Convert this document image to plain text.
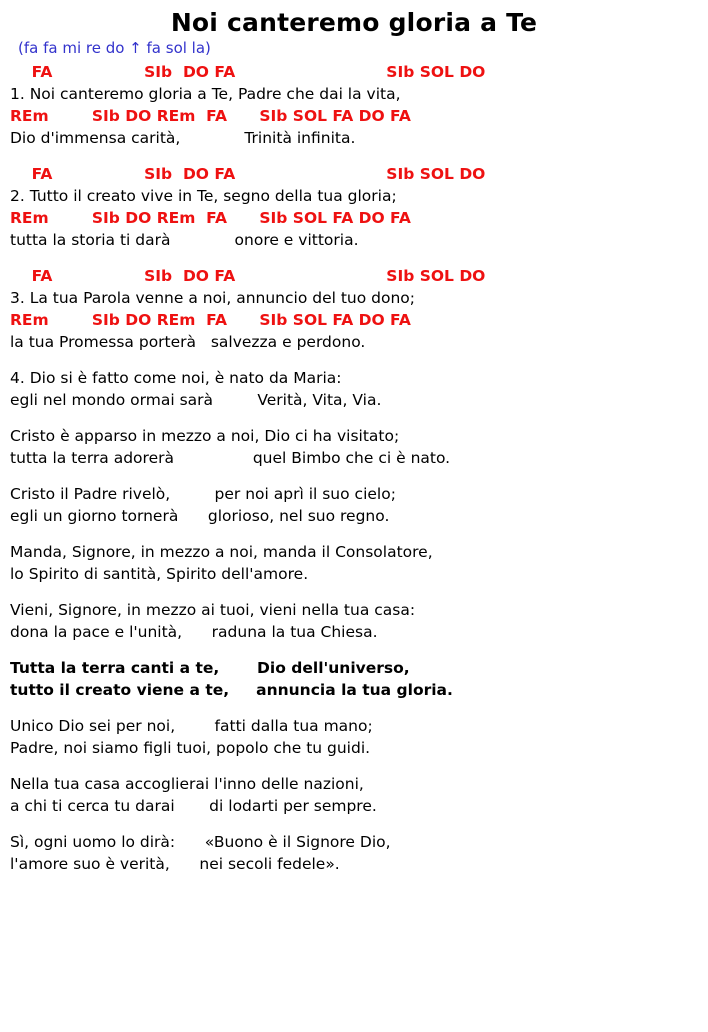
Noi canteremo gloria a Te
(fa fa mi re do ↑ fa sol la)
FA                 SIb  DO FA                            SIb SOL DO
1. Noi canteremo gloria a Te, Padre che dai la vita,
REm        SIb DO REm  FA      SIb SOL FA DO FA
Dio d'immensa carità,             Trinità infinita.
FA                 SIb  DO FA                            SIb SOL DO
2. Tutto il creato vive in Te, segno della tua gloria;
REm        SIb DO REm  FA      SIb SOL FA DO FA
tutta la storia ti darà             onore e vittoria.
FA                 SIb  DO FA                            SIb SOL DO
3. La tua Parola venne a noi, annuncio del tuo dono;
REm        SIb DO REm  FA      SIb SOL FA DO FA
la tua Promessa porterà   salvezza e perdono.
4. Dio si è fatto come noi, è nato da Maria:
egli nel mondo ormai sarà         Verità, Vita, Via.
Cristo è apparso in mezzo a noi, Dio ci ha visitato;
tutta la terra adorerà                quel Bimbo che ci è nato.
Cristo il Padre rivelò,         per noi aprì il suo cielo;
egli un giorno tornerà      glorioso, nel suo regno.
Manda, Signore, in mezzo a noi, manda il Consolatore,
lo Spirito di santità, Spirito dell'amore.
Vieni, Signore, in mezzo ai tuoi, vieni nella tua casa:
dona la pace e l'unità,      raduna la tua Chiesa.
Tutta la terra canti a te,       Dio dell'universo,
tutto il creato viene a te,     annuncia la tua gloria.
Unico Dio sei per noi,        fatti dalla tua mano;
Padre, noi siamo figli tuoi, popolo che tu guidi.
Nella tua casa accoglierai l'inno delle nazioni,
a chi ti cerca tu darai       di lodarti per sempre.
Sì, ogni uomo lo dirà:      «Buono è il Signore Dio,
l'amore suo è verità,      nei secoli fedele».
